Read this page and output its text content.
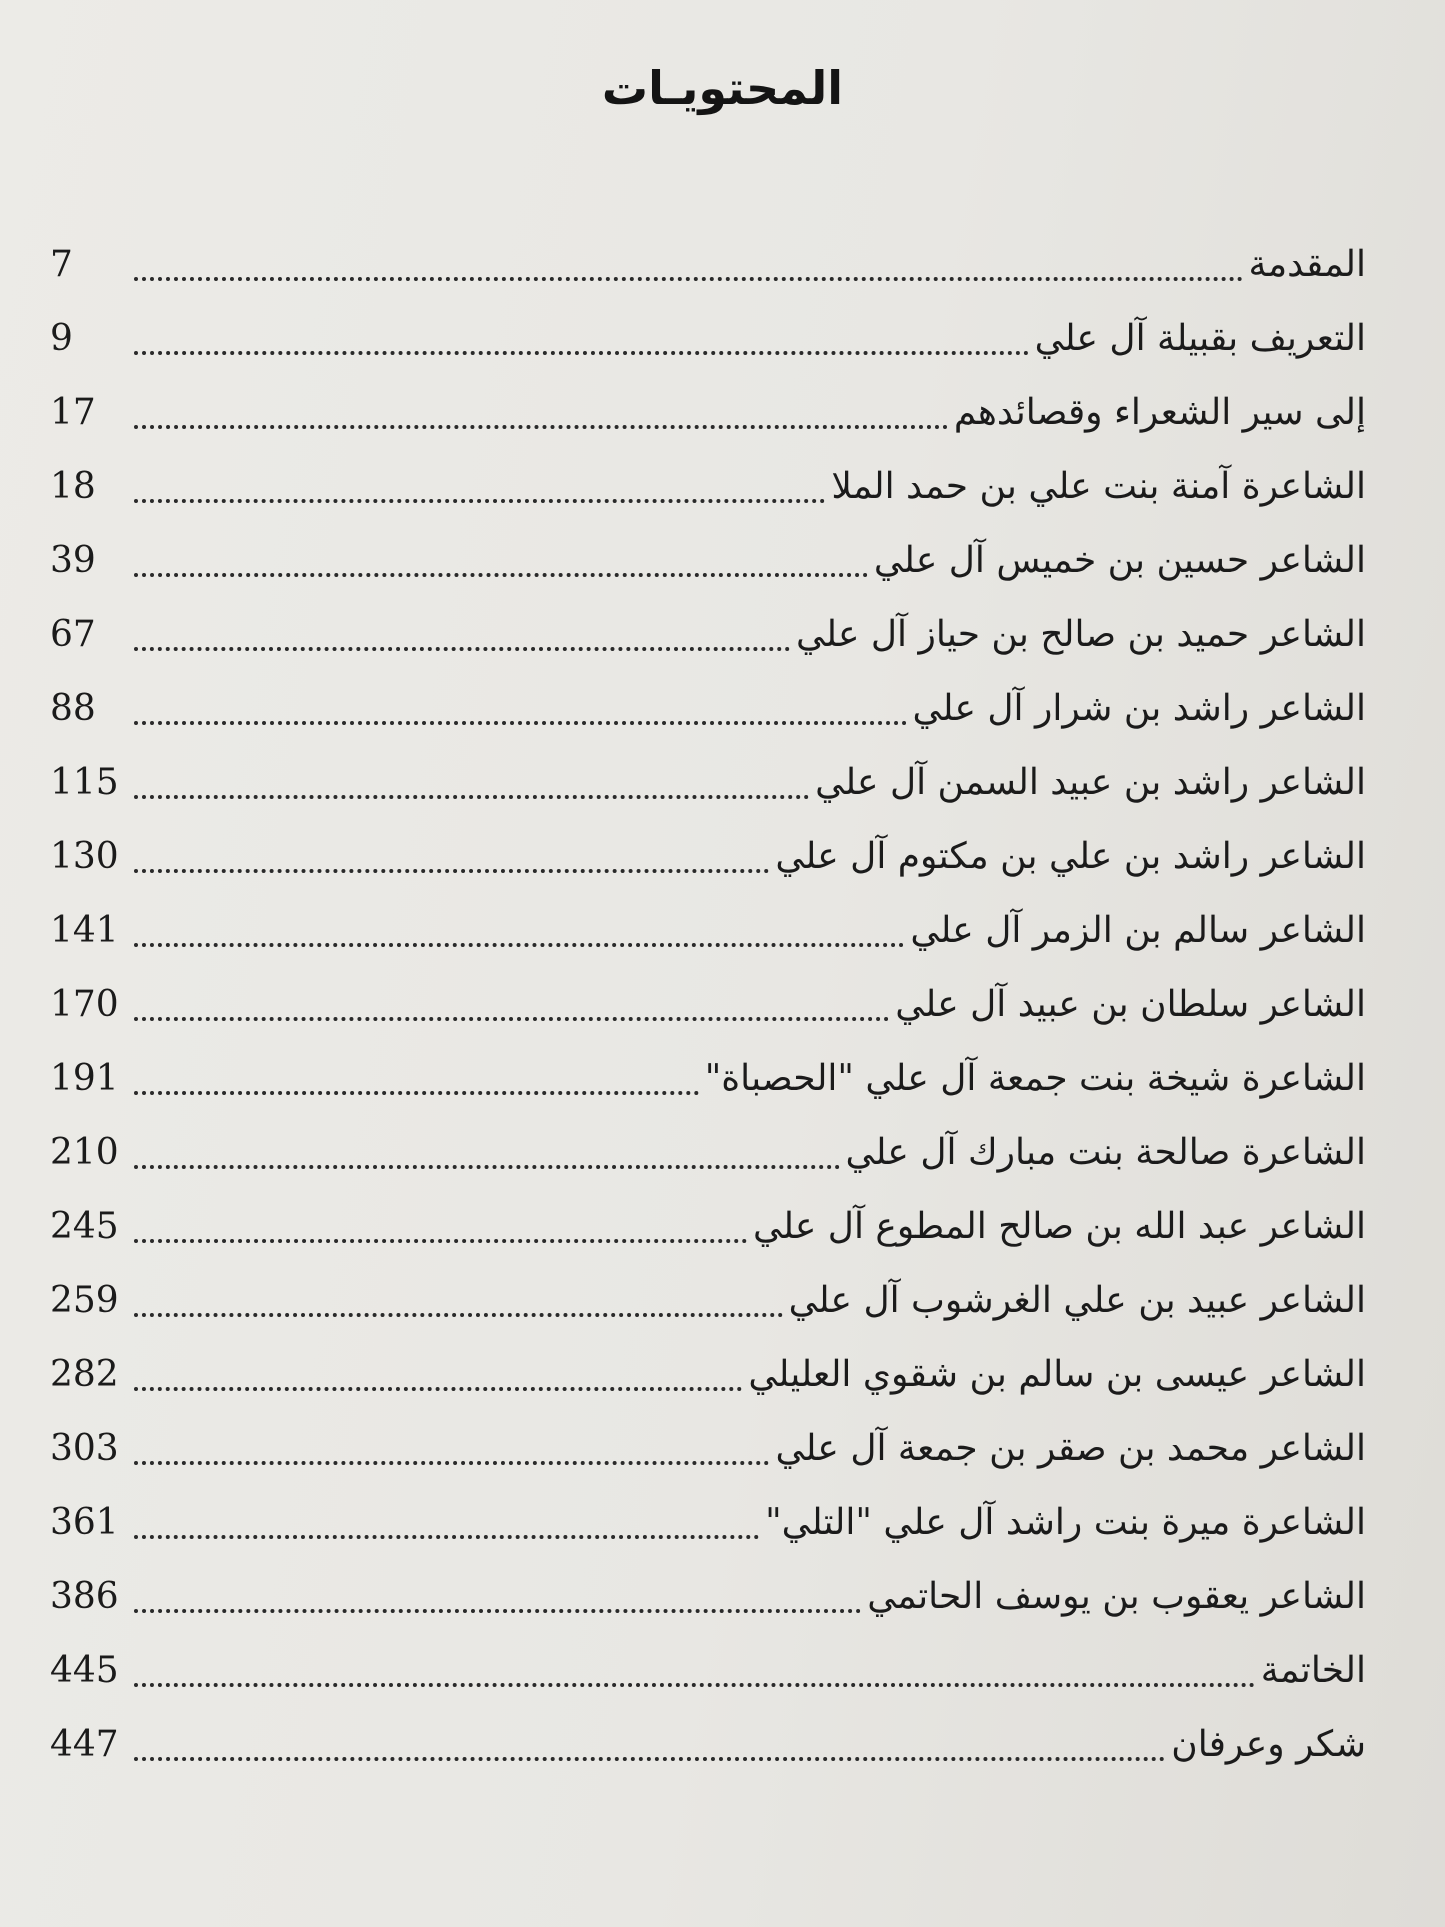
المحتويـات
المقدمة
7
التعريف بقبيلة آل علي
9
إلى سير الشعراء وقصائدهم
17
الشاعرة آمنة بنت علي بن حمد الملا
18
الشاعر حسين بن خميس آل علي
39
الشاعر حميد بن صالح بن حياز آل علي
67
الشاعر راشد بن شرار آل علي
88
الشاعر راشد بن عبيد السمن آل علي
115
الشاعر راشد بن علي بن مكتوم آل علي
130
الشاعر سالم بن الزمر آل علي
141
الشاعر سلطان بن عبيد آل علي
170
الشاعرة شيخة بنت جمعة آل علي "الحصباة"
191
الشاعرة صالحة بنت مبارك آل علي
210
الشاعر عبد الله بن صالح المطوع آل علي
245
الشاعر عبيد بن علي الغرشوب آل علي
259
الشاعر عيسى بن سالم بن شقوي العليلي
282
الشاعر محمد بن صقر بن جمعة آل علي
303
الشاعرة ميرة بنت راشد آل علي "التلي"
361
الشاعر يعقوب بن يوسف الحاتمي
386
الخاتمة
445
شكر وعرفان
447
